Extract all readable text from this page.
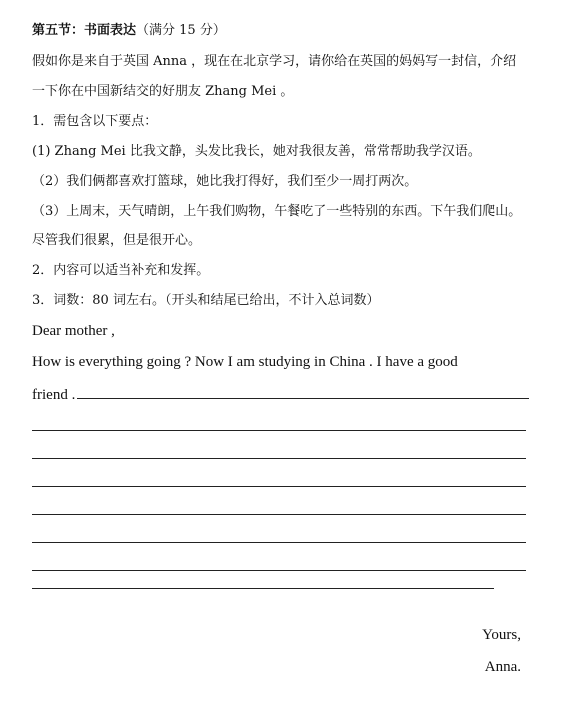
第五节：书面表达（满分 15 分）
假如你是来自于英国 Anna ，现在在北京学习，请你给在英国的妈妈写一封信，介绍
一下你在中国新结交的好朋友 Zhang Mei 。
1．需包含以下要点：
(1) Zhang Mei 比我文静，头发比我长，她对我很友善，常常帮助我学汉语。
（2）我们俩都喜欢打篮球，她比我打得好，我们至少一周打两次。
（3）上周末，天气晴朗，上午我们购物，午餐吃了一些特别的东西。下午我们爬山。
尽管我们很累，但是很开心。
2．内容可以适当补充和发挥。
3．词数：80 词左右。（开头和结尾已给出，不计入总词数）
Dear mother ,
How is everything going ? Now I am studying in China . I have a good
friend .
Yours,
Anna.
